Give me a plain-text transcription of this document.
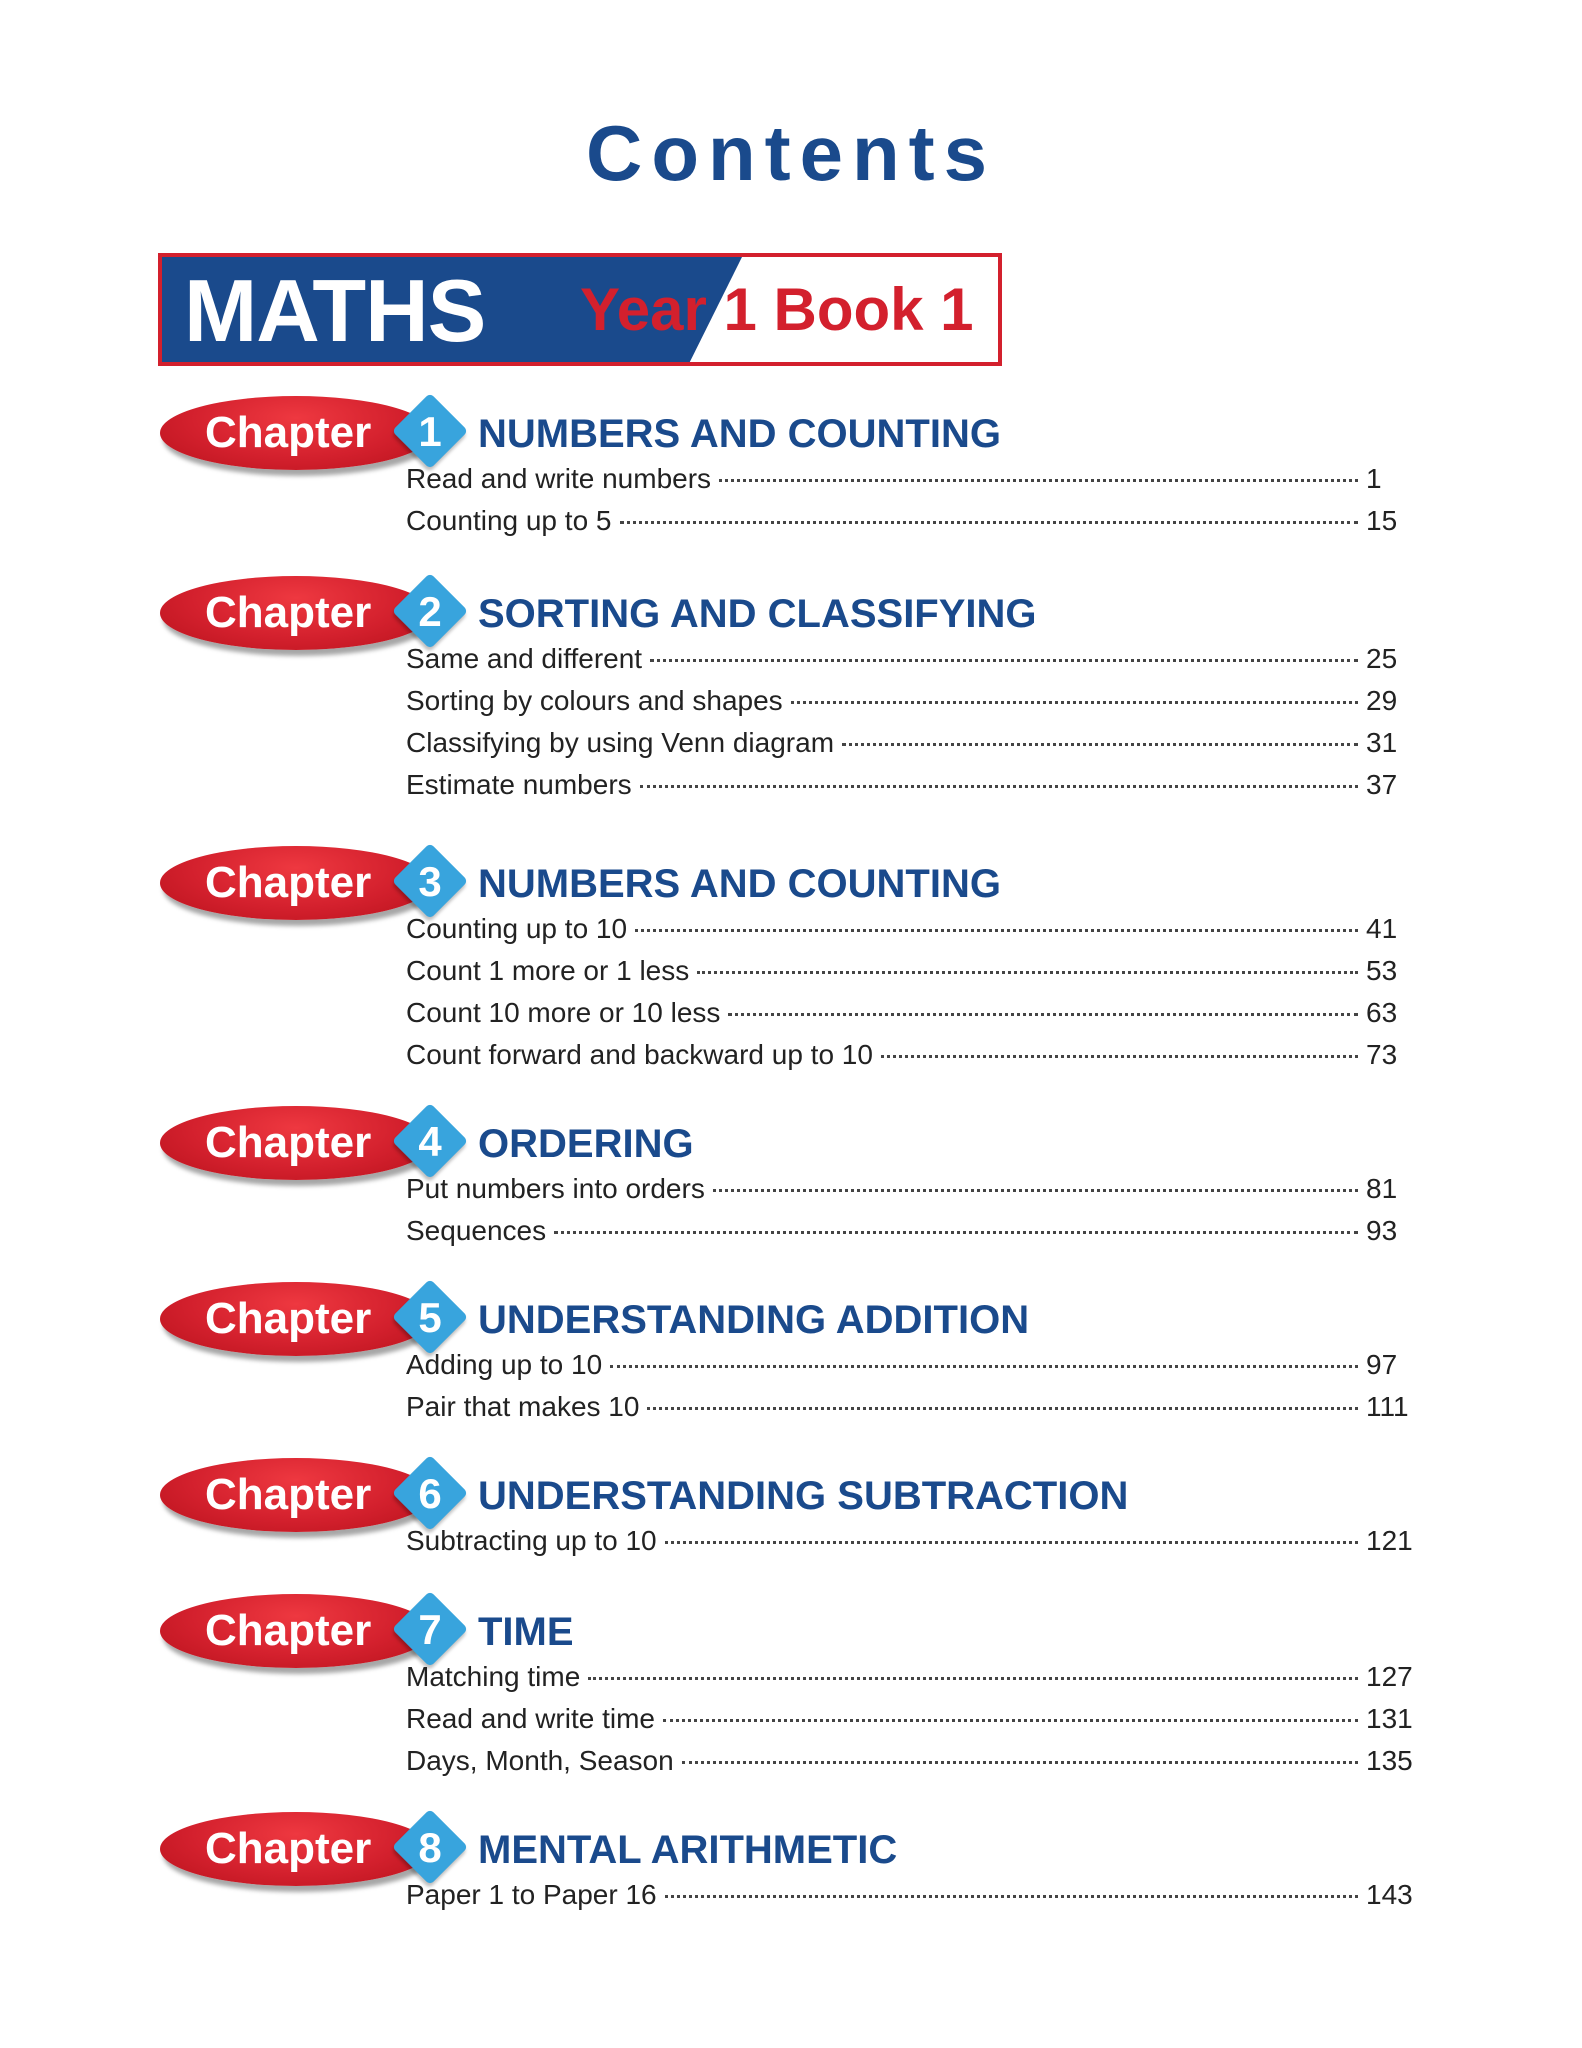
Contents
MATHS Year 1 Book 1
Chapter	1 NUMBERS AND COUNTING
Read and write numbers	1
Counting up to 5	15
Chapter	2 SORTING AND CLASSIFYING
Same and different	25
Sorting by colours and shapes	29
Classifying by using Venn diagram	31
Estimate numbers	37
Chapter	3 NUMBERS AND COUNTING
Counting up to 10	41
Count 1 more or 1 less	53
Count 10 more or 10 less	63
Count forward and backward up to 10	73
Chapter	4 ORDERING
Put numbers into orders	81
Sequences	93
Chapter	5 UNDERSTANDING ADDITION
Adding up to 10	97
Pair that makes 10	111
Chapter	6 UNDERSTANDING SUBTRACTION
Subtracting up to 10	121
Chapter	7 TIME
Matching time	127
Read and write time	131
Days, Month, Season	135
Chapter	8 MENTAL ARITHMETIC
Paper 1 to Paper 16	143
